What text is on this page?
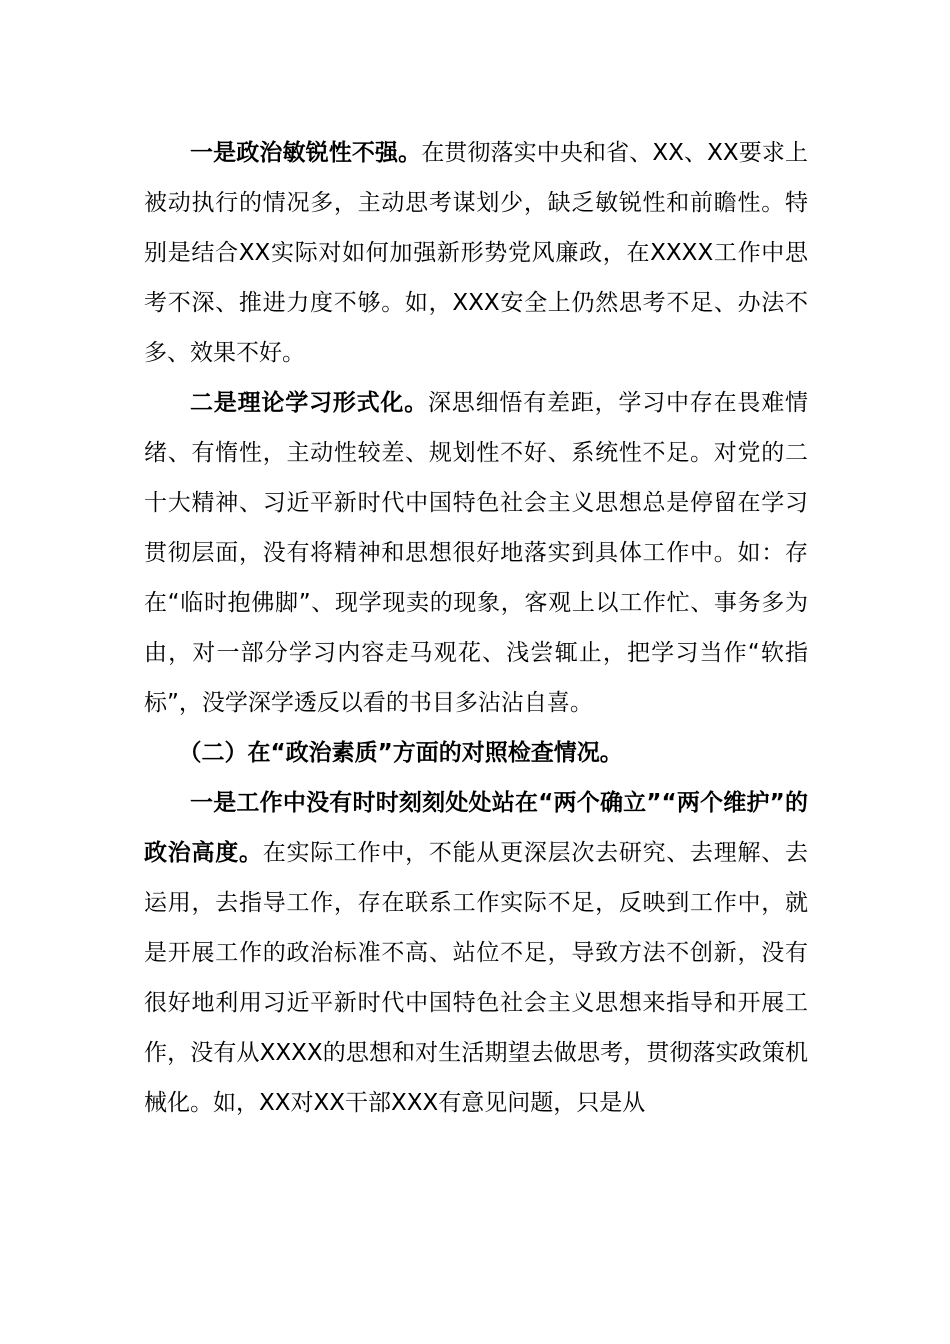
一是政治敏锐性不强。在贯彻落实中央和省、XX、XX要求上被动执行的情况多，主动思考谋划少，缺乏敏锐性和前瞻性。特别是结合XX实际对如何加强新形势党风廉政，在XXXX工作中思考不深、推进力度不够。如，XXX安全上仍然思考不足、办法不多、效果不好。

二是理论学习形式化。深思细悟有差距，学习中存在畏难情绪、有惰性，主动性较差、规划性不好、系统性不足。对党的二十大精神、习近平新时代中国特色社会主义思想总是停留在学习贯彻层面，没有将精神和思想很好地落实到具体工作中。如：存在“临时抱佛脚”、现学现卖的现象，客观上以工作忙、事务多为由，对一部分学习内容走马观花、浅尝辄止，把学习当作“软指标”，没学深学透反以看的书目多沾沾自喜。

（二）在“政治素质”方面的对照检查情况。

一是工作中没有时时刻刻处处站在“两个确立”“两个维护”的政治高度。在实际工作中，不能从更深层次去研究、去理解、去运用，去指导工作，存在联系工作实际不足，反映到工作中，就是开展工作的政治标准不高、站位不足，导致方法不创新，没有很好地利用习近平新时代中国特色社会主义思想来指导和开展工作，没有从XXXX的思想和对生活期望去做思考，贯彻落实政策机械化。如，XX对XX干部XXX有意见问题，只是从
